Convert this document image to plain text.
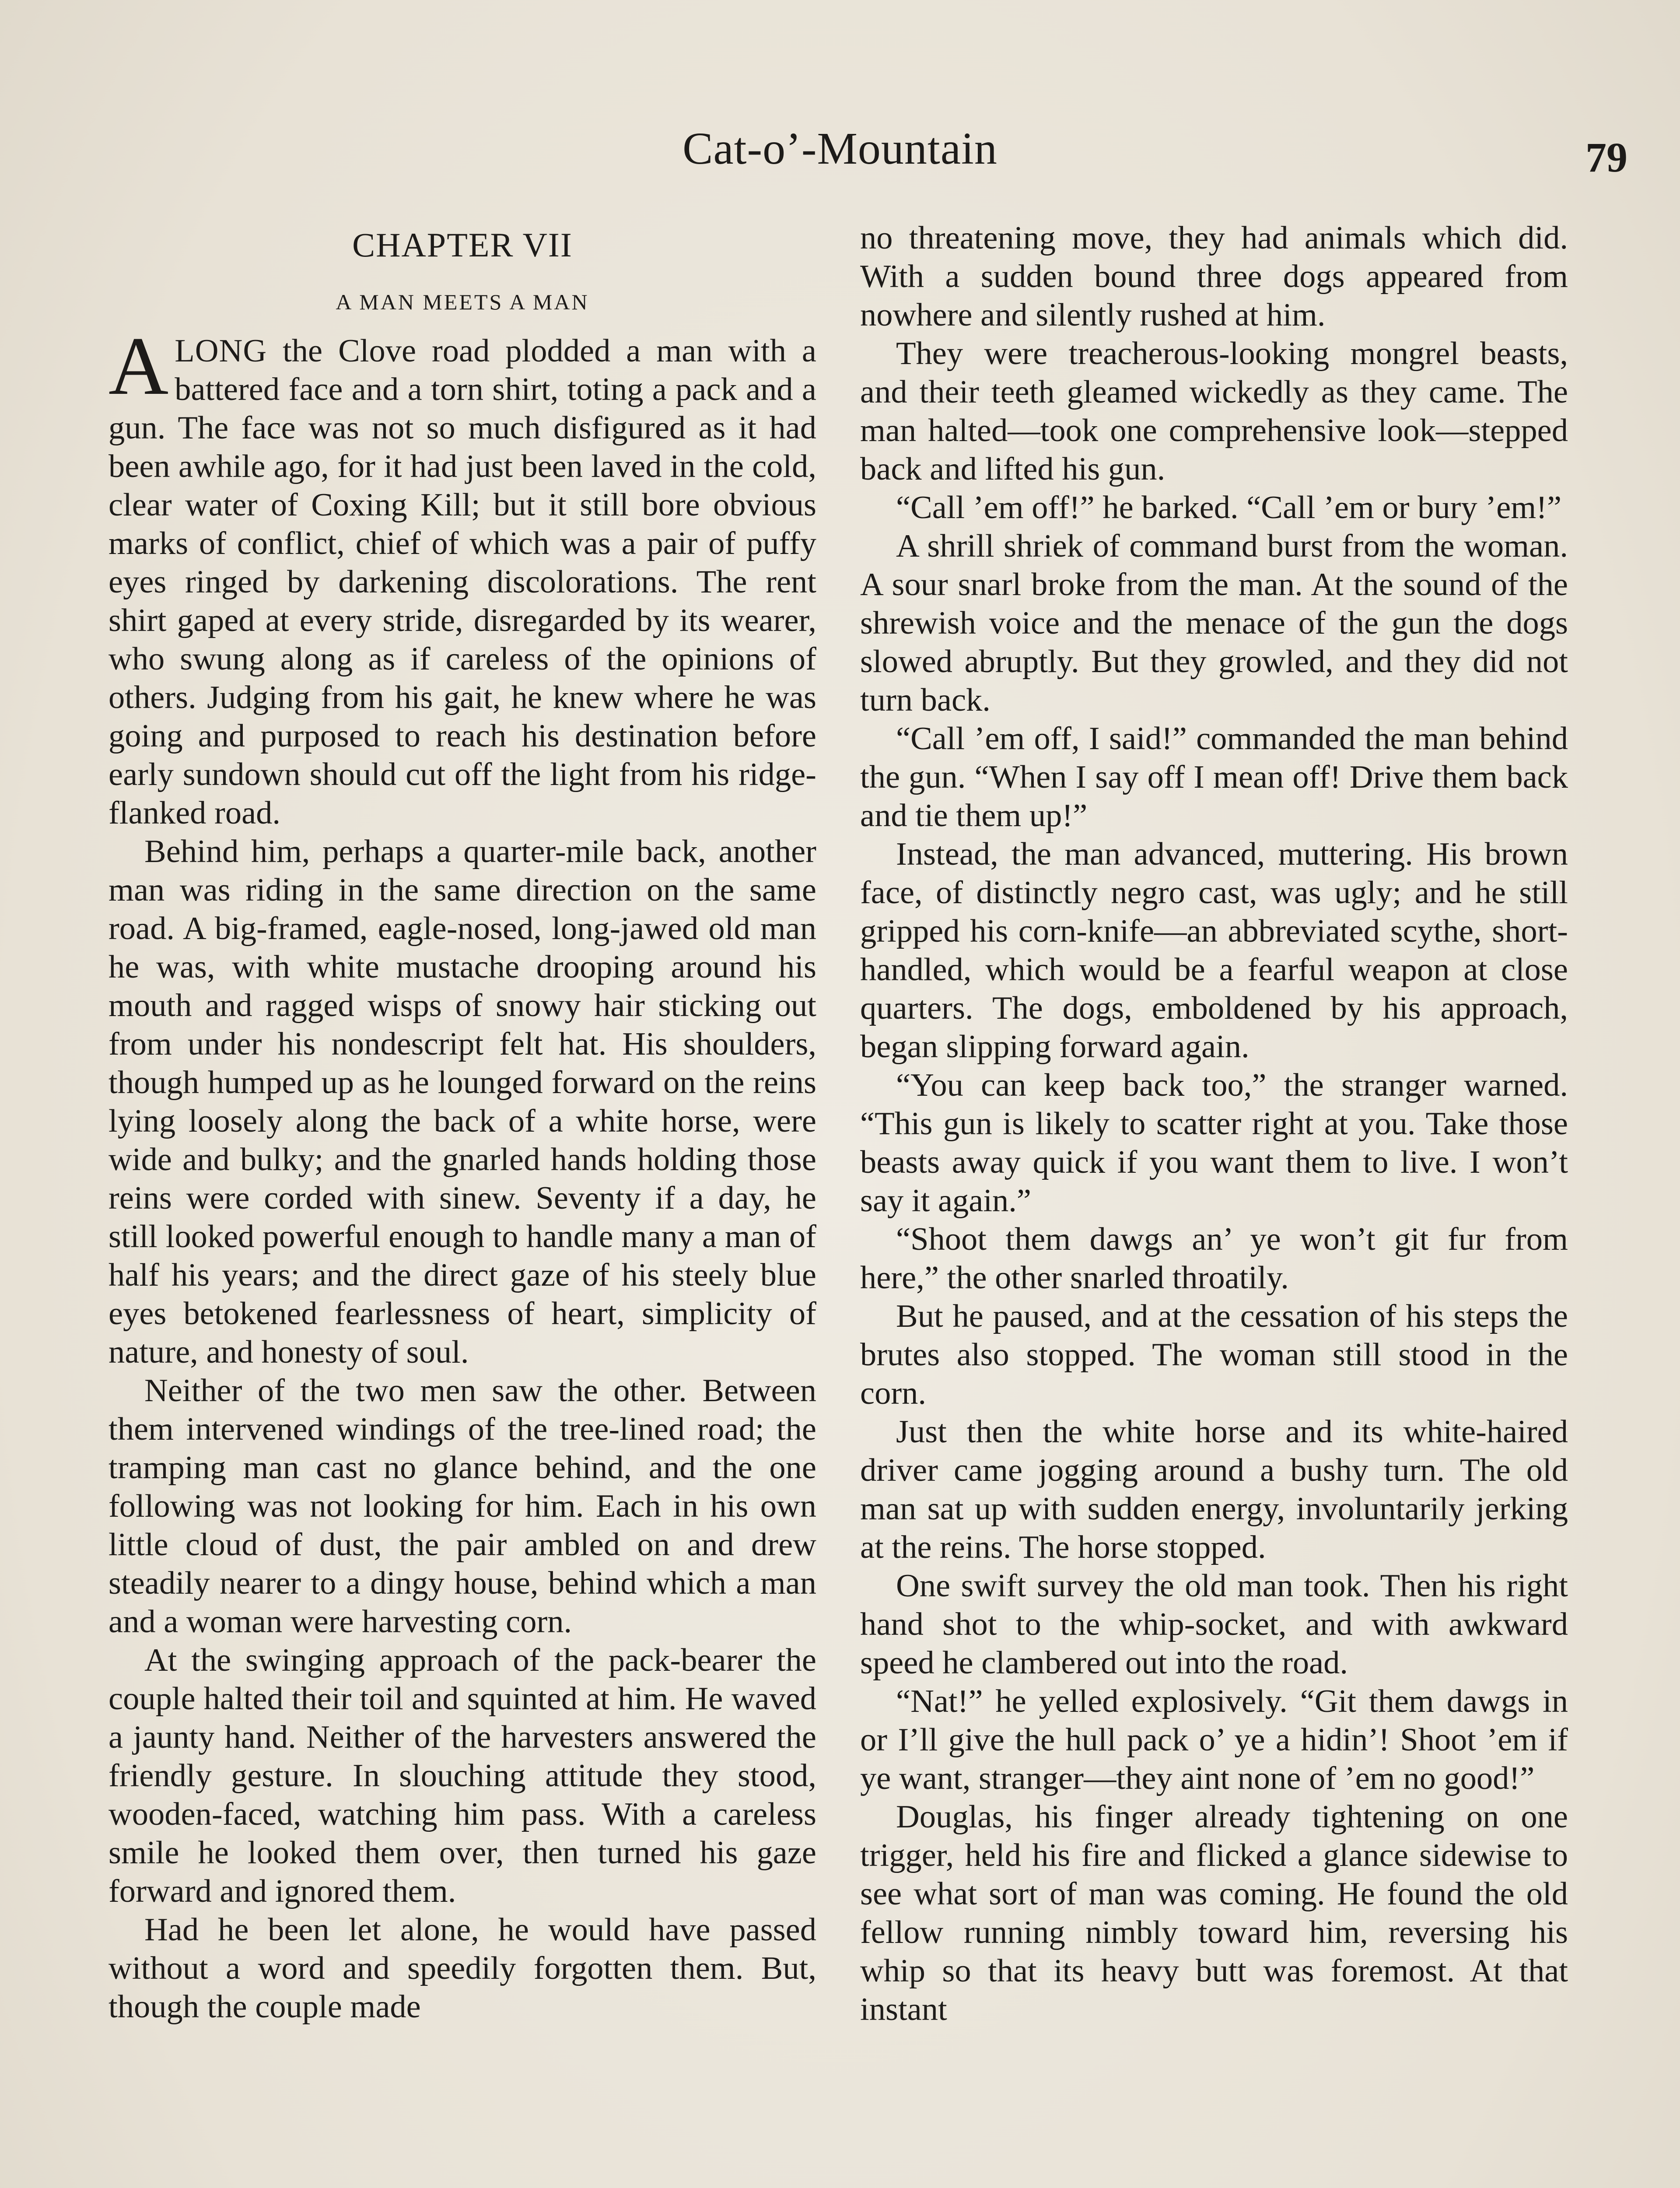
Cat-o’-Mountain	79

CHAPTER VII

A MAN MEETS A MAN

ALONG the Clove road plodded a man with a battered face and a torn shirt, toting a pack and a gun. The face was not so much disfigured as it had been awhile ago, for it had just been laved in the cold, clear water of Coxing Kill; but it still bore obvious marks of conflict, chief of which was a pair of puffy eyes ringed by darkening discolorations. The rent shirt gaped at every stride, disregarded by its wearer, who swung along as if careless of the opinions of others. Judging from his gait, he knew where he was going and purposed to reach his destination before early sundown should cut off the light from his ridge-flanked road.

Behind him, perhaps a quarter-mile back, another man was riding in the same direction on the same road. A big-framed, eagle-nosed, long-jawed old man he was, with white mustache drooping around his mouth and ragged wisps of snowy hair sticking out from under his nondescript felt hat. His shoulders, though humped up as he lounged forward on the reins lying loosely along the back of a white horse, were wide and bulky; and the gnarled hands holding those reins were corded with sinew. Seventy if a day, he still looked powerful enough to handle many a man of half his years; and the direct gaze of his steely blue eyes betokened fearlessness of heart, simplicity of nature, and honesty of soul.

Neither of the two men saw the other. Between them intervened windings of the tree-lined road; the tramping man cast no glance behind, and the one following was not looking for him. Each in his own little cloud of dust, the pair ambled on and drew steadily nearer to a dingy house, behind which a man and a woman were harvesting corn.

At the swinging approach of the pack-bearer the couple halted their toil and squinted at him. He waved a jaunty hand. Neither of the harvesters answered the friendly gesture. In slouching attitude they stood, wooden-faced, watching him pass. With a careless smile he looked them over, then turned his gaze forward and ignored them.

Had he been let alone, he would have passed without a word and speedily forgotten them. But, though the couple made

no threatening move, they had animals which did. With a sudden bound three dogs appeared from nowhere and silently rushed at him.

They were treacherous-looking mongrel beasts, and their teeth gleamed wickedly as they came. The man halted—took one comprehensive look—stepped back and lifted his gun.

“Call ’em off!” he barked. “Call ’em or bury ’em!”

A shrill shriek of command burst from the woman. A sour snarl broke from the man. At the sound of the shrewish voice and the menace of the gun the dogs slowed abruptly. But they growled, and they did not turn back.

“Call ’em off, I said!” commanded the man behind the gun. “When I say off I mean off! Drive them back and tie them up!”

Instead, the man advanced, muttering. His brown face, of distinctly negro cast, was ugly; and he still gripped his corn-knife—an abbreviated scythe, short-handled, which would be a fearful weapon at close quarters. The dogs, emboldened by his approach, began slipping forward again.

“You can keep back too,” the stranger warned. “This gun is likely to scatter right at you. Take those beasts away quick if you want them to live. I won’t say it again.”

“Shoot them dawgs an’ ye won’t git fur from here,” the other snarled throatily.

But he paused, and at the cessation of his steps the brutes also stopped. The woman still stood in the corn.

Just then the white horse and its white-haired driver came jogging around a bushy turn. The old man sat up with sudden energy, involuntarily jerking at the reins. The horse stopped.

One swift survey the old man took. Then his right hand shot to the whip-socket, and with awkward speed he clambered out into the road.

“Nat!” he yelled explosively. “Git them dawgs in or I’ll give the hull pack o’ ye a hidin’! Shoot ’em if ye want, stranger—they aint none of ’em no good!”

Douglas, his finger already tightening on one trigger, held his fire and flicked a glance sidewise to see what sort of man was coming. He found the old fellow running nimbly toward him, reversing his whip so that its heavy butt was foremost. At that instant
